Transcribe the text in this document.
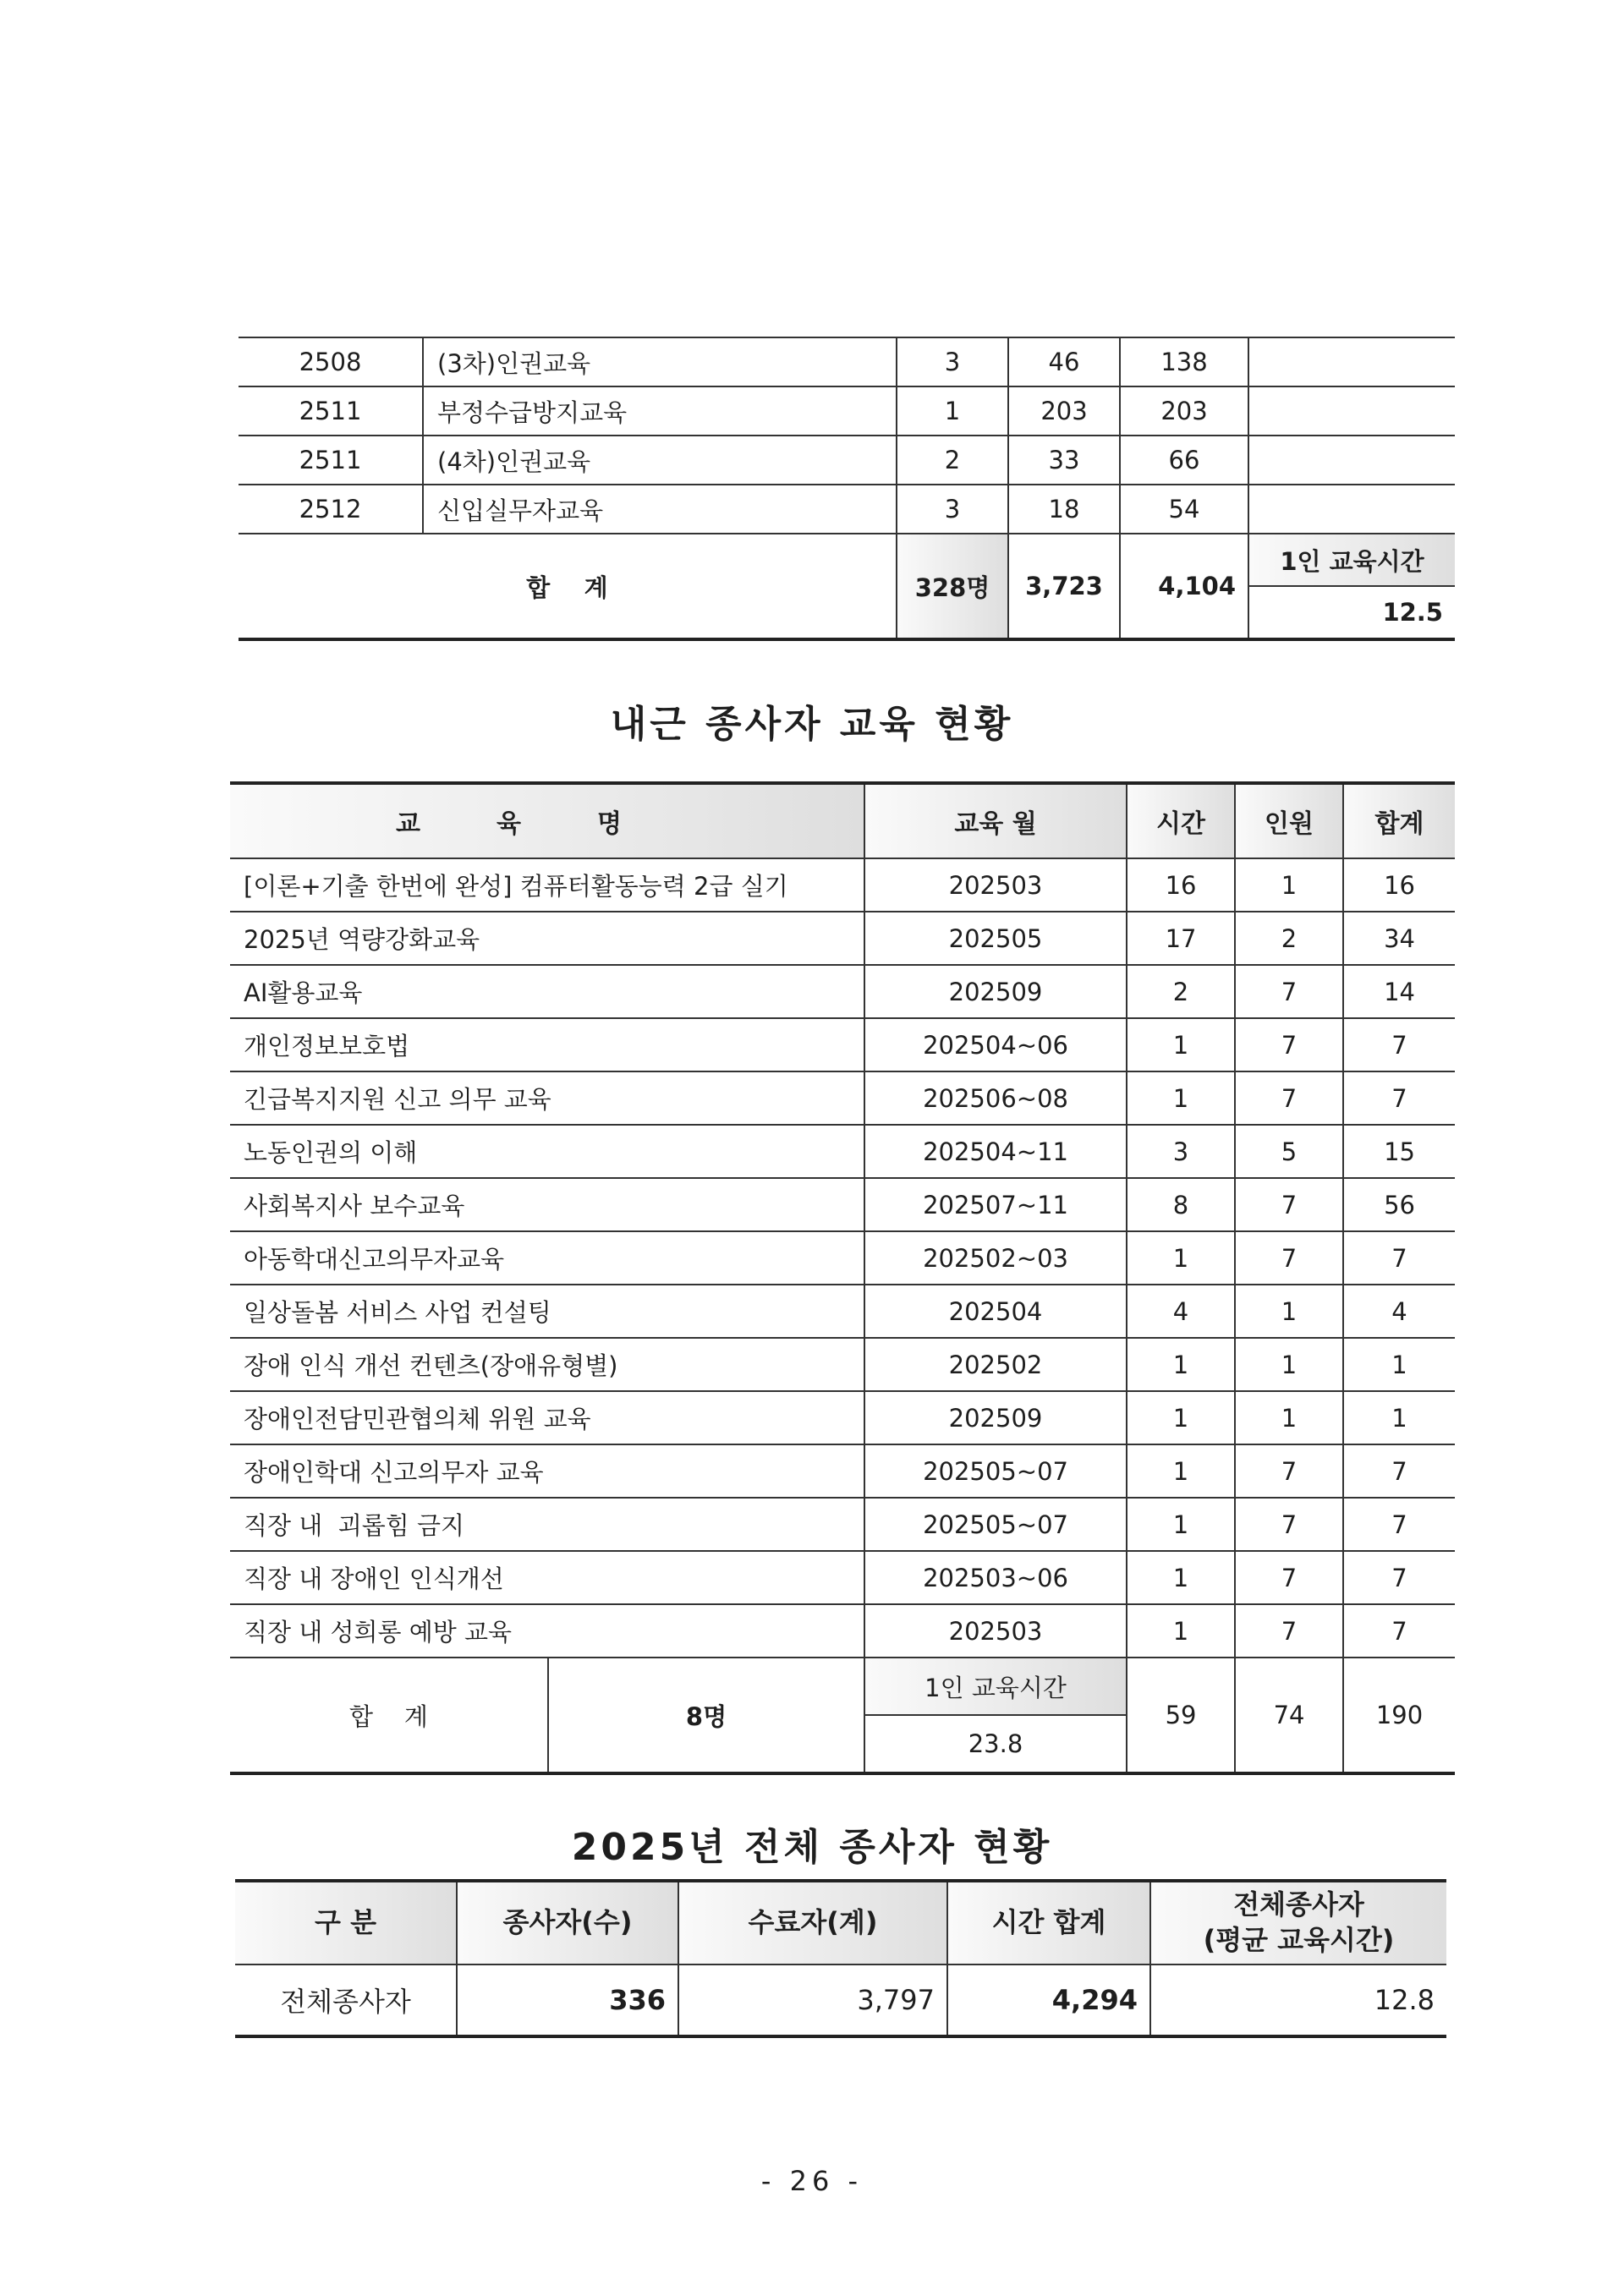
2508	(3차)인권교육	3	46	138	
2511	부정수급방지교육	1	203	203	
2511	(4차)인권교육	2	33	66	
2512	신입실무자교육	3	18	54	
합    계		328명	3,723	4,104	1인 교육시간
					12.5
내근 종사자 교육 현황
교육명		교육 월	시간	인원	합계
[이론+기출 한번에 완성] 컴퓨터활동능력 2급 실기		202503	16	1	16
2025년 역량강화교육		202505	17	2	34
AI활용교육		202509	2	7	14
개인정보보호법		202504~06	1	7	7
긴급복지지원 신고 의무 교육		202506~08	1	7	7
노동인권의 이해		202504~11	3	5	15
사회복지사 보수교육		202507~11	8	7	56
아동학대신고의무자교육		202502~03	1	7	7
일상돌봄 서비스 사업 컨설팅		202504	4	1	4
장애 인식 개선 컨텐츠(장애유형별)		202502	1	1	1
장애인전담민관협의체 위원 교육		202509	1	1	1
장애인학대 신고의무자 교육		202505~07	1	7	7
직장 내  괴롭힘 금지		202505~07	1	7	7
직장 내 장애인 인식개선		202503~06	1	7	7
직장 내 성희롱 예방 교육		202503	1	7	7
합    계	8명	1인 교육시간	59	74	190
		23.8			
2025년 전체 종사자 현황
구 분	종사자(수)	수료자(계)	시간 합계	전체종사자
(평균 교육시간)
전체종사자	336	3,797	4,294	12.8
- 26 -
